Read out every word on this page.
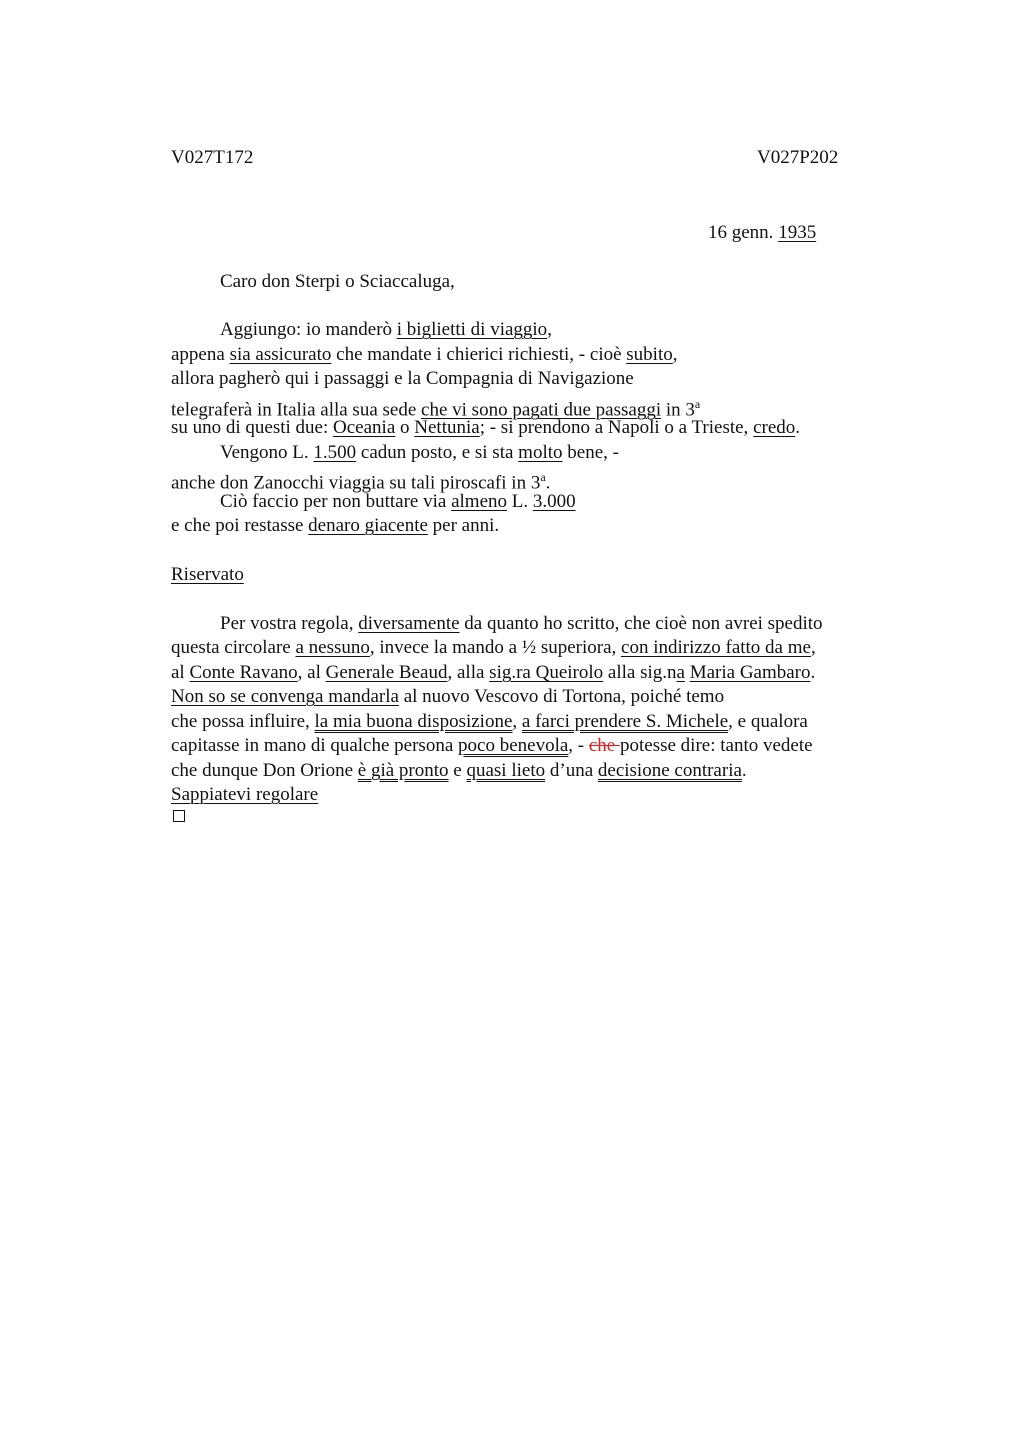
V027T172	V027P202
16 genn. 1935
Caro don Sterpi o Sciaccaluga,
Aggiungo: io manderò i biglietti di viaggio,
appena sia assicurato che mandate i chierici richiesti, - cioè subito,
allora pagherò qui i passaggi e la Compagnia di Navigazione
telegraferà in Italia alla sua sede che vi sono pagati due passaggi in 3$^a$
su uno di questi due: Oceania o Nettunia; - si prendono a Napoli o a Trieste, credo.
Vengono L. 1.500 cadun posto, e si sta molto bene, -
anche don Zanocchi viaggia su tali piroscafi in 3$^a$.
Ciò faccio per non buttare via almeno L. 3.000
e che poi restasse denaro giacente per anni.
Riservato
Per vostra regola, diversamente da quanto ho scritto, che cioè non avrei spedito
questa circolare a nessuno, invece la mando a ½ superiora, con indirizzo fatto da me,
al Conte Ravano, al Generale Beaud, alla sig.ra Queirolo alla sig.na Maria Gambaro.
Non so se convenga mandarla al nuovo Vescovo di Tortona, poiché temo
che possa influire, la mia buona disposizione, a farci prendere S. Michele, e qualora
capitasse in mano di qualche persona poco benevola, - che potesse dire: tanto vedete
che dunque Don Orione è già pronto e quasi lieto d’una decisione contraria.
Sappiatevi regolare
